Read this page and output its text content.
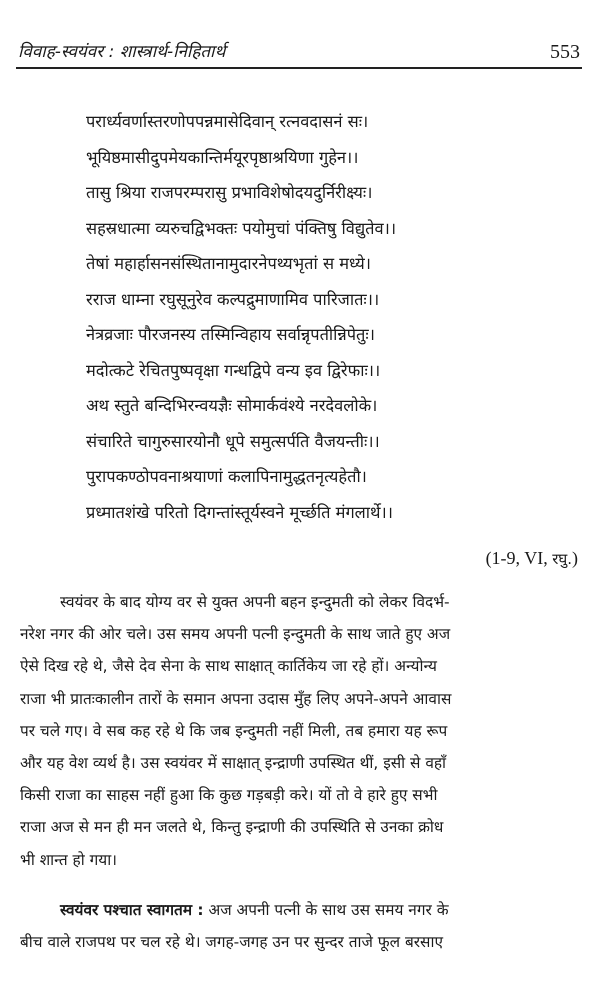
विवाह-स्वयंवर : शास्त्रार्थ-निहितार्थ	553
परार्ध्यवर्णास्तरणोपपन्नमासेदिवान् रत्नवदासनं सः।
भूयिष्ठमासीदुपमेयकान्तिर्मयूरपृष्ठाश्रयिणा गुहेन।।
तासु श्रिया राजपरम्परासु प्रभाविशेषोदयदुर्निरीक्ष्यः।
सहस्रधात्मा व्यरुचद्विभक्तः पयोमुचां पंक्तिषु विद्युतेव।।
तेषां महार्हासनसंस्थितानामुदारनेपथ्यभृतां स मध्ये।
रराज धाम्ना रघुसूनुरेव कल्पद्रुमाणामिव पारिजातः।।
नेत्रव्रजाः पौरजनस्य तस्मिन्विहाय सर्वान्नृपतीन्निपेतुः।
मदोत्कटे रेचितपुष्पवृक्षा गन्धद्विपे वन्य इव द्विरेफाः।।
अथ स्तुते बन्दिभिरन्वयज्ञैः सोमार्कवंश्ये नरदेवलोके।
संचारिते चागुरुसारयोनौ धूपे समुत्सर्पति वैजयन्तीः।।
पुरापकण्ठोपवनाश्रयाणां कलापिनामुद्धतनृत्यहेतौ।
प्रध्मातशंखे परितो दिगन्तांस्तूर्यस्वने मूर्च्छति मंगलार्थे।।
(1-9, VI, रघु.)
स्वयंवर के बाद योग्य वर से युक्त अपनी बहन इन्दुमती को लेकर विदर्भ-
नरेश नगर की ओर चले। उस समय अपनी पत्नी इन्दुमती के साथ जाते हुए अज
ऐसे दिख रहे थे, जैसे देव सेना के साथ साक्षात् कार्तिकेय जा रहे हों। अन्योन्य
राजा भी प्रातःकालीन तारों के समान अपना उदास मुँह लिए अपने-अपने आवास
पर चले गए। वे सब कह रहे थे कि जब इन्दुमती नहीं मिली, तब हमारा यह रूप
और यह वेश व्यर्थ है। उस स्वयंवर में साक्षात् इन्द्राणी उपस्थित थीं, इसी से वहाँ
किसी राजा का साहस नहीं हुआ कि कुछ गड़बड़ी करे। यों तो वे हारे हुए सभी
राजा अज से मन ही मन जलते थे, किन्तु इन्द्राणी की उपस्थिति से उनका क्रोध
भी शान्त हो गया।
स्वयंवर पश्चात स्वागतम : अज अपनी पत्नी के साथ उस समय नगर के
बीच वाले राजपथ पर चल रहे थे। जगह-जगह उन पर सुन्दर ताजे फूल बरसाए
